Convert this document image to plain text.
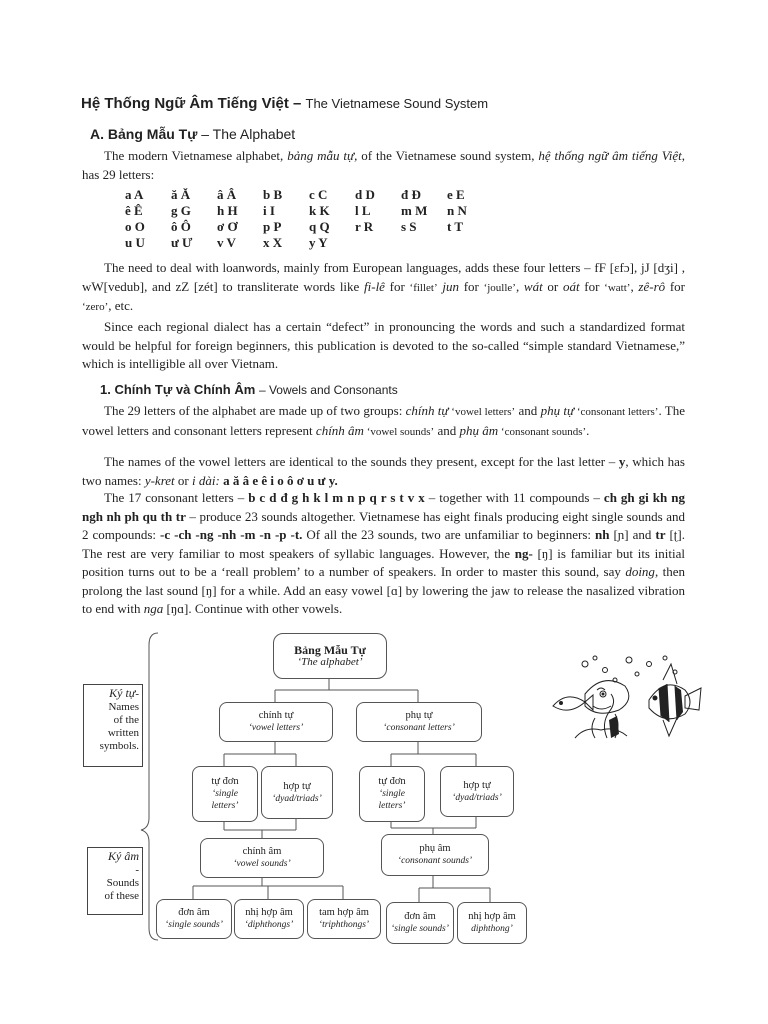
Hệ Thống Ngữ Âm Tiếng Việt – The Vietnamese Sound System
A. Bảng Mẫu Tự – The Alphabet
The modern Vietnamese alphabet, bảng mẫu tự, of the Vietnamese sound system, hệ thống ngữ âm tiếng Việt, has 29 letters:
a A ă Ă â Â b B c C d D đ Đ e E
ê Ê g G h H i I	k K l L m M n N
o O ô Ô ơ Ơ p P q Q r R s S t T
u U ư Ư v V x X y Y
The need to deal with loanwords, mainly from European languages, adds these four letters – fF [ɛfɔ], jJ [dʒi] , wW[vedub], and zZ [zét] to transliterate words like fi-lê for ‘fillet’ jun for ‘joulle’, wát or oát for ‘watt’, zê-rô for ‘zero’, etc.
Since each regional dialect has a certain “defect” in pronouncing the words and such a standardized format would be helpful for foreign beginners, this publication is devoted to the so-called “simple standard Vietnamese,” which is intelligible all over Vietnam.
1. Chính Tự và Chính Âm – Vowels and Consonants
The 29 letters of the alphabet are made up of two groups: chính tự ‘vowel letters’ and phụ tự ‘consonant letters’. The vowel letters and consonant letters represent chính âm ‘vowel sounds’ and phụ âm ‘consonant sounds’.
The names of the vowel letters are identical to the sounds they present, except for the last letter – y, which has two names: y-kret or i dài: a ă â e ê i o ô ơ u ư y.
The 17 consonant letters – b c d đ g h k l m n p q r s t v x – together with 11 compounds – ch gh gi kh ng ngh nh ph qu th tr – produce 23 sounds altogether. Vietnamese has eight finals producing eight single sounds and 2 compounds: -c -ch -ng -nh -m -n -p -t. Of all the 23 sounds, two are unfamiliar to beginners: nh [ɲ] and tr [ʈ]. The rest are very familiar to most speakers of syllabic languages. However, the ng- [ŋ] is familiar but its initial position turns out to be a ‘reall problem’ to a number of speakers. In order to master this sound, say doing, then prolong the last sound [ŋ] for a while. Add an easy vowel [ɑ] by lowering the jaw to release the nasalized vibration to end with nga [ŋɑ]. Continue with other vowels.
Ký tự-
Names
of the
written
symbols.
Ký âm
-
Sounds
of these
Bảng Mẫu Tự
‘The alphabet’
chính tự
‘vowel letters’
phụ tự
‘consonant letters’
tự đơn
‘single
letters’
hợp tự
‘dyad/triads’
tự đơn
‘single
letters’
hợp tự
‘dyad/triads’
chính âm
‘vowel sounds’
phụ âm
‘consonant sounds’
đơn âm
‘single sounds’
nhị hợp âm
‘diphthongs’
tam hợp âm
‘triphthongs’
đơn âm
‘single sounds’
nhị hợp âm
diphthong’
